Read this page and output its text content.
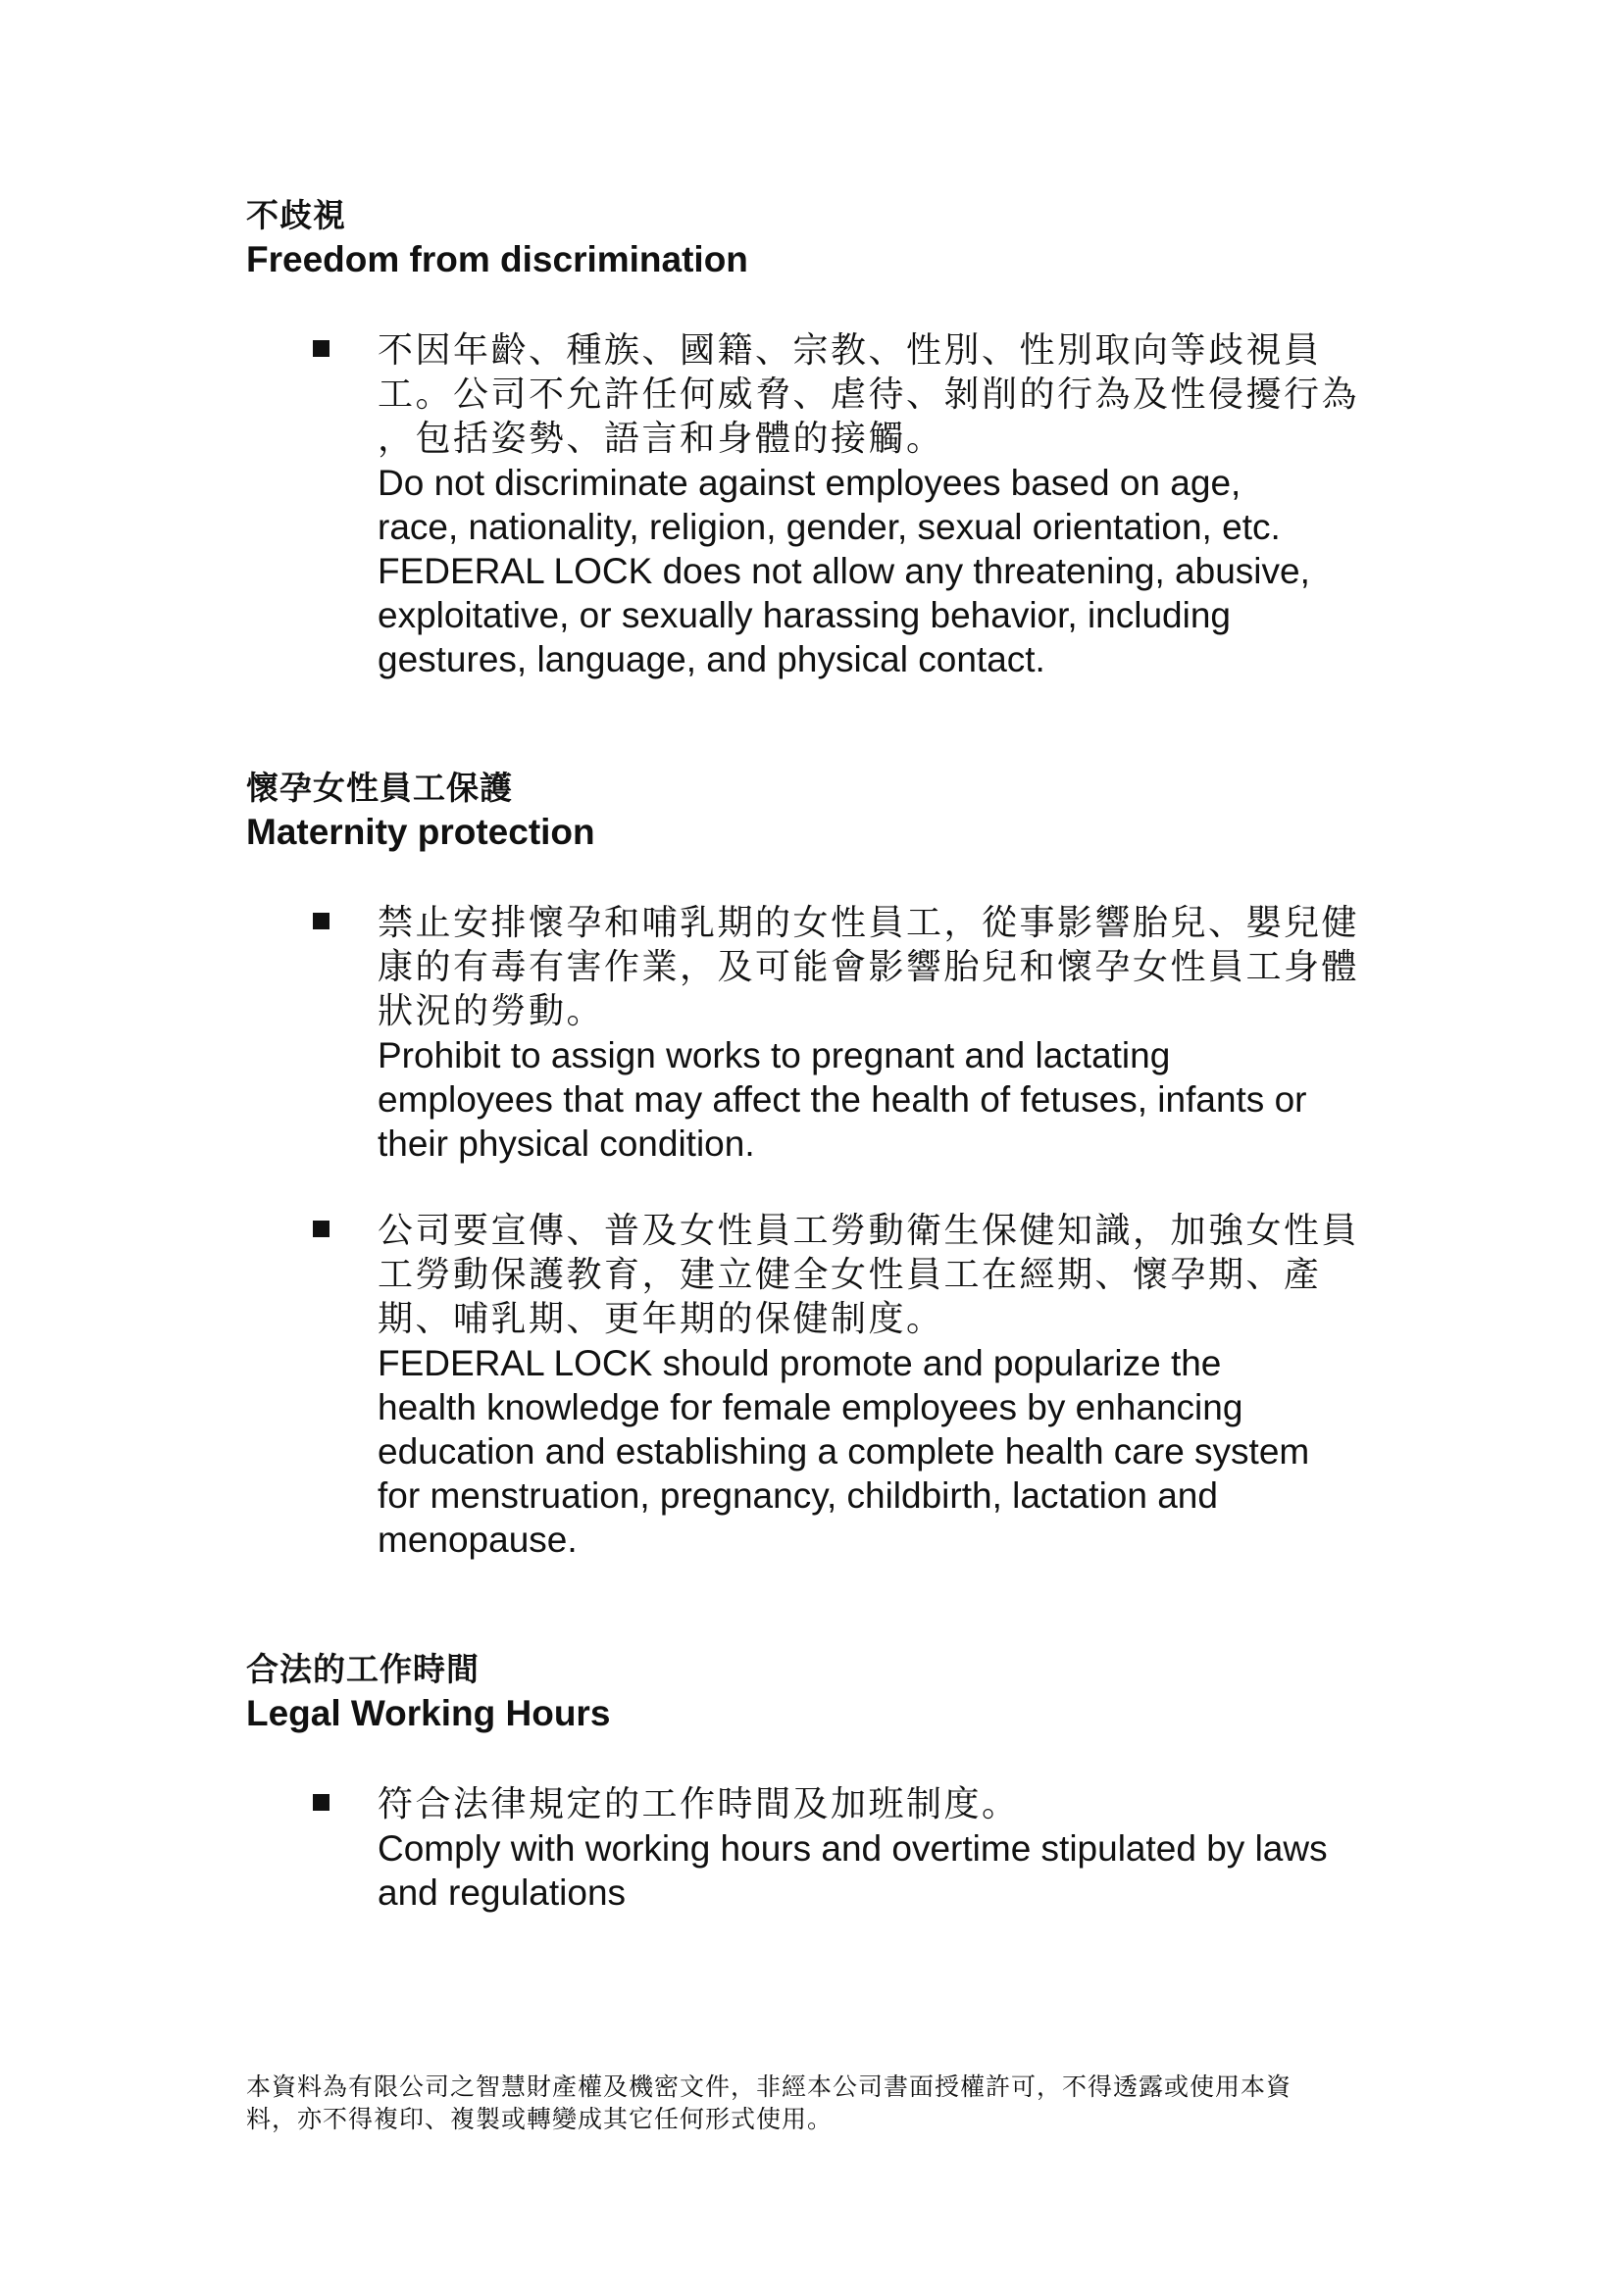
不歧視

Freedom from discrimination

不因年齡、種族、國籍、宗教、性別、性別取向等歧視員
工。公司不允許任何威脅、虐待、剝削的行為及性侵擾行為
，包括姿勢、語言和身體的接觸。

Do not discriminate against employees based on age,
race, nationality, religion, gender, sexual orientation, etc.
FEDERAL LOCK does not allow any threatening, abusive,
exploitative, or sexually harassing behavior, including
gestures, language, and physical contact.

懷孕女性員工保護

Maternity protection

禁止安排懷孕和哺乳期的女性員工，從事影響胎兒、嬰兒健
康的有毒有害作業，及可能會影響胎兒和懷孕女性員工身體
狀況的勞動。

Prohibit to assign works to pregnant and lactating
employees that may affect the health of fetuses, infants or
their physical condition.

公司要宣傳、普及女性員工勞動衛生保健知識，加強女性員
工勞動保護教育，建立健全女性員工在經期、懷孕期、產
期、哺乳期、更年期的保健制度。

FEDERAL LOCK should promote and popularize the
health knowledge for female employees by enhancing
education and establishing a complete health care system
for menstruation, pregnancy, childbirth, lactation and
menopause.

合法的工作時間

Legal Working Hours

符合法律規定的工作時間及加班制度。

Comply with working hours and overtime stipulated by laws
and regulations

本資料為有限公司之智慧財產權及機密文件，非經本公司書面授權許可，不得透露或使用本資
料，亦不得複印、複製或轉變成其它任何形式使用。
